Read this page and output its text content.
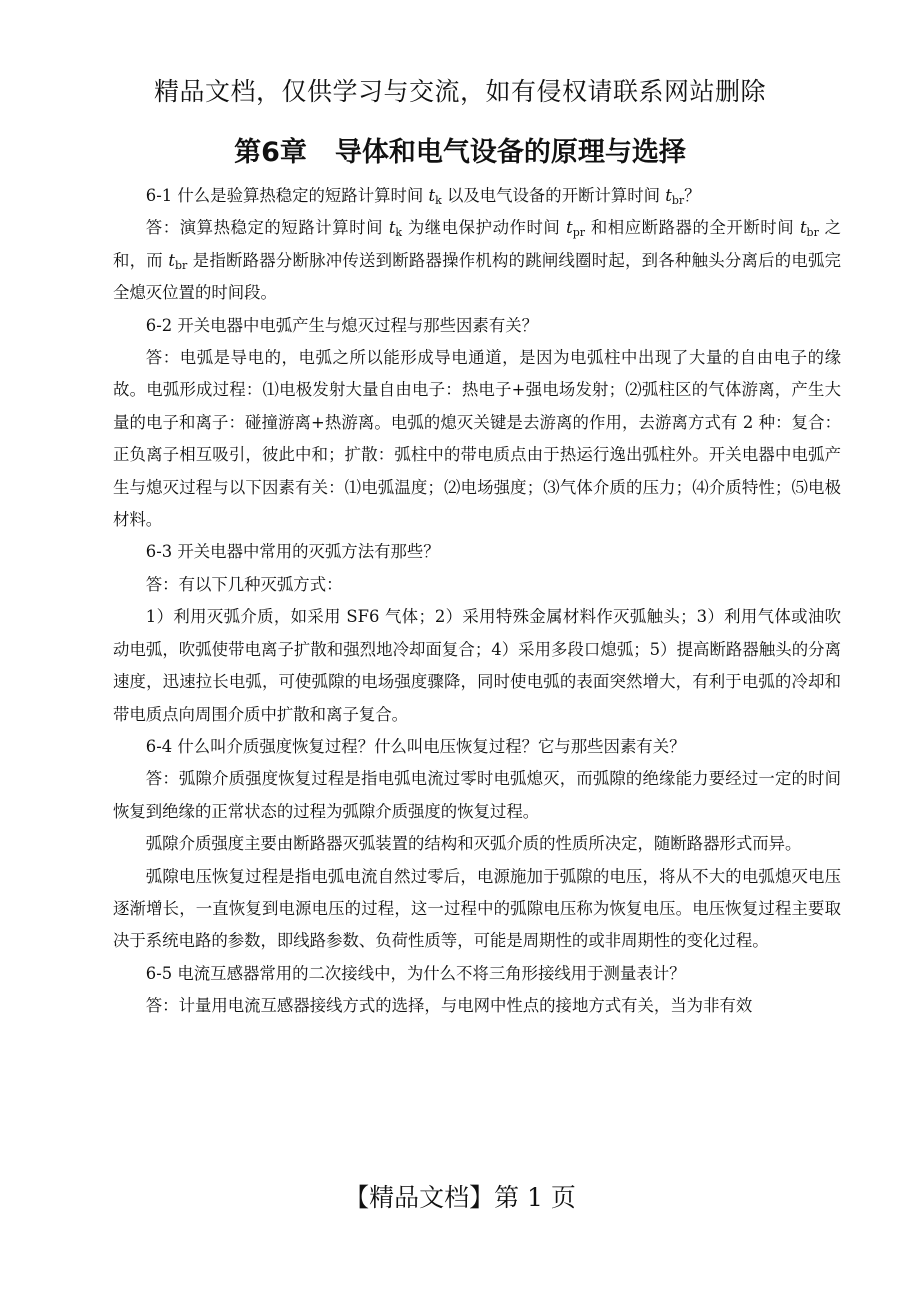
精品文档，仅供学习与交流，如有侵权请联系网站删除
第6章 导体和电气设备的原理与选择

6-1 什么是验算热稳定的短路计算时间 $t_k$ 以及电气设备的开断计算时间 $t_{br}$？

答：演算热稳定的短路计算时间 $t_k$ 为继电保护动作时间 $t_{pr}$ 和相应断路器的全开断时间 $t_{br}$ 之和，而 $t_{br}$ 是指断路器分断脉冲传送到断路器操作机构的跳闸线圈时起，到各种触头分离后的电弧完全熄灭位置的时间段。

6-2 开关电器中电弧产生与熄灭过程与那些因素有关？

答：电弧是导电的，电弧之所以能形成导电通道，是因为电弧柱中出现了大量的自由电子的缘故。电弧形成过程：⑴电极发射大量自由电子：热电子+强电场发射；⑵弧柱区的气体游离，产生大量的电子和离子：碰撞游离+热游离。电弧的熄灭关键是去游离的作用，去游离方式有 2 种：复合：正负离子相互吸引，彼此中和；扩散：弧柱中的带电质点由于热运行逸出弧柱外。开关电器中电弧产生与熄灭过程与以下因素有关：⑴电弧温度；⑵电场强度；⑶气体介质的压力；⑷介质特性；⑸电极材料。

6-3 开关电器中常用的灭弧方法有那些？

答：有以下几种灭弧方式：

1）利用灭弧介质，如采用 SF6 气体；2）采用特殊金属材料作灭弧触头；3）利用气体或油吹动电弧，吹弧使带电离子扩散和强烈地冷却面复合；4）采用多段口熄弧；5）提高断路器触头的分离速度，迅速拉长电弧，可使弧隙的电场强度骤降，同时使电弧的表面突然增大，有利于电弧的冷却和带电质点向周围介质中扩散和离子复合。

6-4 什么叫介质强度恢复过程？什么叫电压恢复过程？它与那些因素有关？

答：弧隙介质强度恢复过程是指电弧电流过零时电弧熄灭，而弧隙的绝缘能力要经过一定的时间恢复到绝缘的正常状态的过程为弧隙介质强度的恢复过程。

弧隙介质强度主要由断路器灭弧装置的结构和灭弧介质的性质所决定，随断路器形式而异。

弧隙电压恢复过程是指电弧电流自然过零后，电源施加于弧隙的电压，将从不大的电弧熄灭电压逐渐增长，一直恢复到电源电压的过程，这一过程中的弧隙电压称为恢复电压。电压恢复过程主要取决于系统电路的参数，即线路参数、负荷性质等，可能是周期性的或非周期性的变化过程。

6-5 电流互感器常用的二次接线中，为什么不将三角形接线用于测量表计？

答：计量用电流互感器接线方式的选择，与电网中性点的接地方式有关，当为非有效

【精品文档】第 1 页
